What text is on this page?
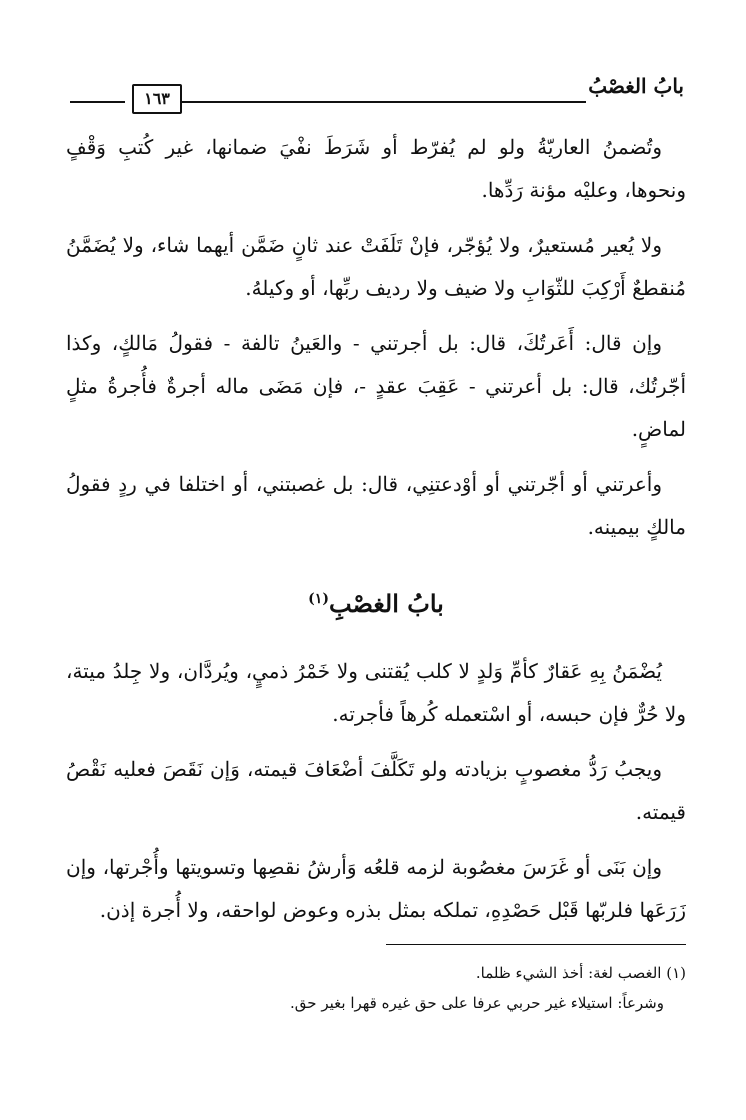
بابُ الغصْبُ
١٦٣

وتُضمنُ العاريّةُ ولو لم يُفرّط أو شَرَطَ نفْيَ ضمانها، غير كُتبِ وَقْفٍ ونحوها، وعليْه مؤنة رَدِّها.

ولا يُعير مُستعيرٌ، ولا يُؤجّر، فإنْ تَلَفَتْ عند ثانٍ ضَمَّن أيهما شاء، ولا يُضَمَّنُ مُنقطعٌ أَرْكِبَ للثّوَابِ ولا ضيف ولا رديف ربِّها، أو وكيلهُ.

وإن قال: أَعَرتُكَ، قال: بل أجرتني - والعَينُ تالفة - فقولُ مَالكٍ، وكذا أجّرتُك، قال: بل أعرتني - عَقِبَ عقدٍ -، فإن مَضَى ماله أجرةٌ فأُجرةُ مثلٍ لماضٍ.

وأعرتني أو أجّرتني أو أوْدعتنِي، قال: بل غصبتني، أو اختلفا في ردٍ فقولُ مالكٍ بيمينه.

بابُ الغصْبِ$^{(١)}$

يُضْمَنُ بِهِ عَقارٌ كأمِّ وَلدٍ لا كلب يُقتنى ولا خَمْرُ ذميٍ، ويُردَّان، ولا جِلدُ ميتة، ولا حُرٌّ فإن حبسه، أو اسْتعمله كُرهاً فأجرته.

ويجبُ رَدُّ مغصوبٍ بزيادته ولو تَكَلَّفَ أضْعَافَ قيمته، وَإن نَقَصَ فعليه نَقْصُ قيمته.

وإن بَنَى أو غَرَسَ مغصُوبة لزمه قلعُه وَأرشُ نقصِها وتسويتها وأُجْرتها، وإن زَرَعَها فلربّها قَبْل حَصْدِهِ، تملكه بمثل بذره وعوض لواحقه، ولا أُجرة إذن.

(١) الغصب لغة: أخذ الشيء ظلما.
وشرعاً: استيلاء غير حربي عرفا على حق غيره قهرا بغير حق.
